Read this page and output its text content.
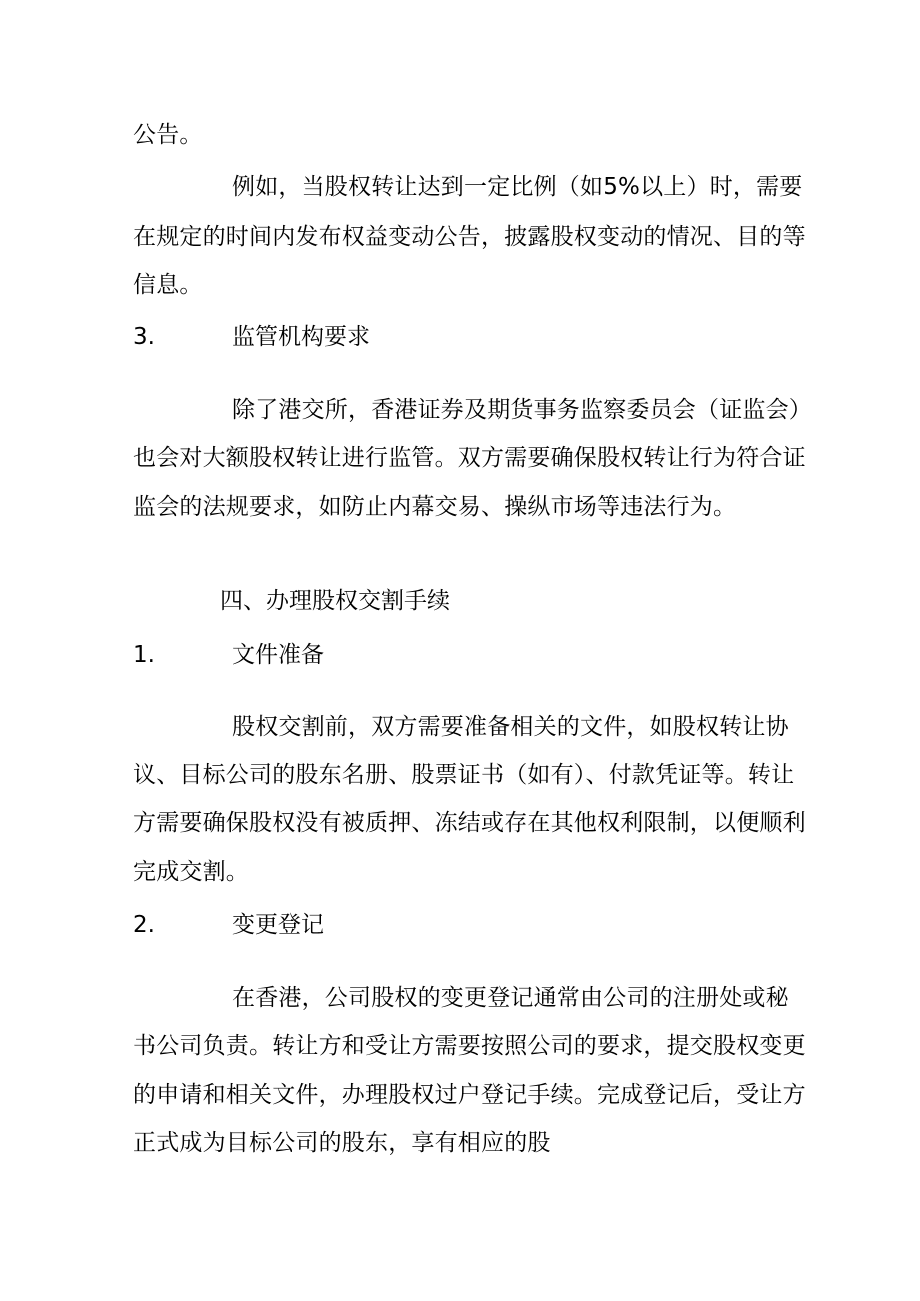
公告。
例如，当股权转让达到一定比例（如5%以上）时，需要
在规定的时间内发布权益变动公告，披露股权变动的情况、目的等
信息。
3.	监管机构要求
除了港交所，香港证券及期货事务监察委员会（证监会）
也会对大额股权转让进行监管。双方需要确保股权转让行为符合证
监会的法规要求，如防止内幕交易、操纵市场等违法行为。
四、办理股权交割手续
1.	文件准备
股权交割前，双方需要准备相关的文件，如股权转让协
议、目标公司的股东名册、股票证书（如有）、付款凭证等。转让
方需要确保股权没有被质押、冻结或存在其他权利限制，以便顺利
完成交割。
2.	变更登记
在香港，公司股权的变更登记通常由公司的注册处或秘
书公司负责。转让方和受让方需要按照公司的要求，提交股权变更
的申请和相关文件，办理股权过户登记手续。完成登记后，受让方
正式成为目标公司的股东，享有相应的股
